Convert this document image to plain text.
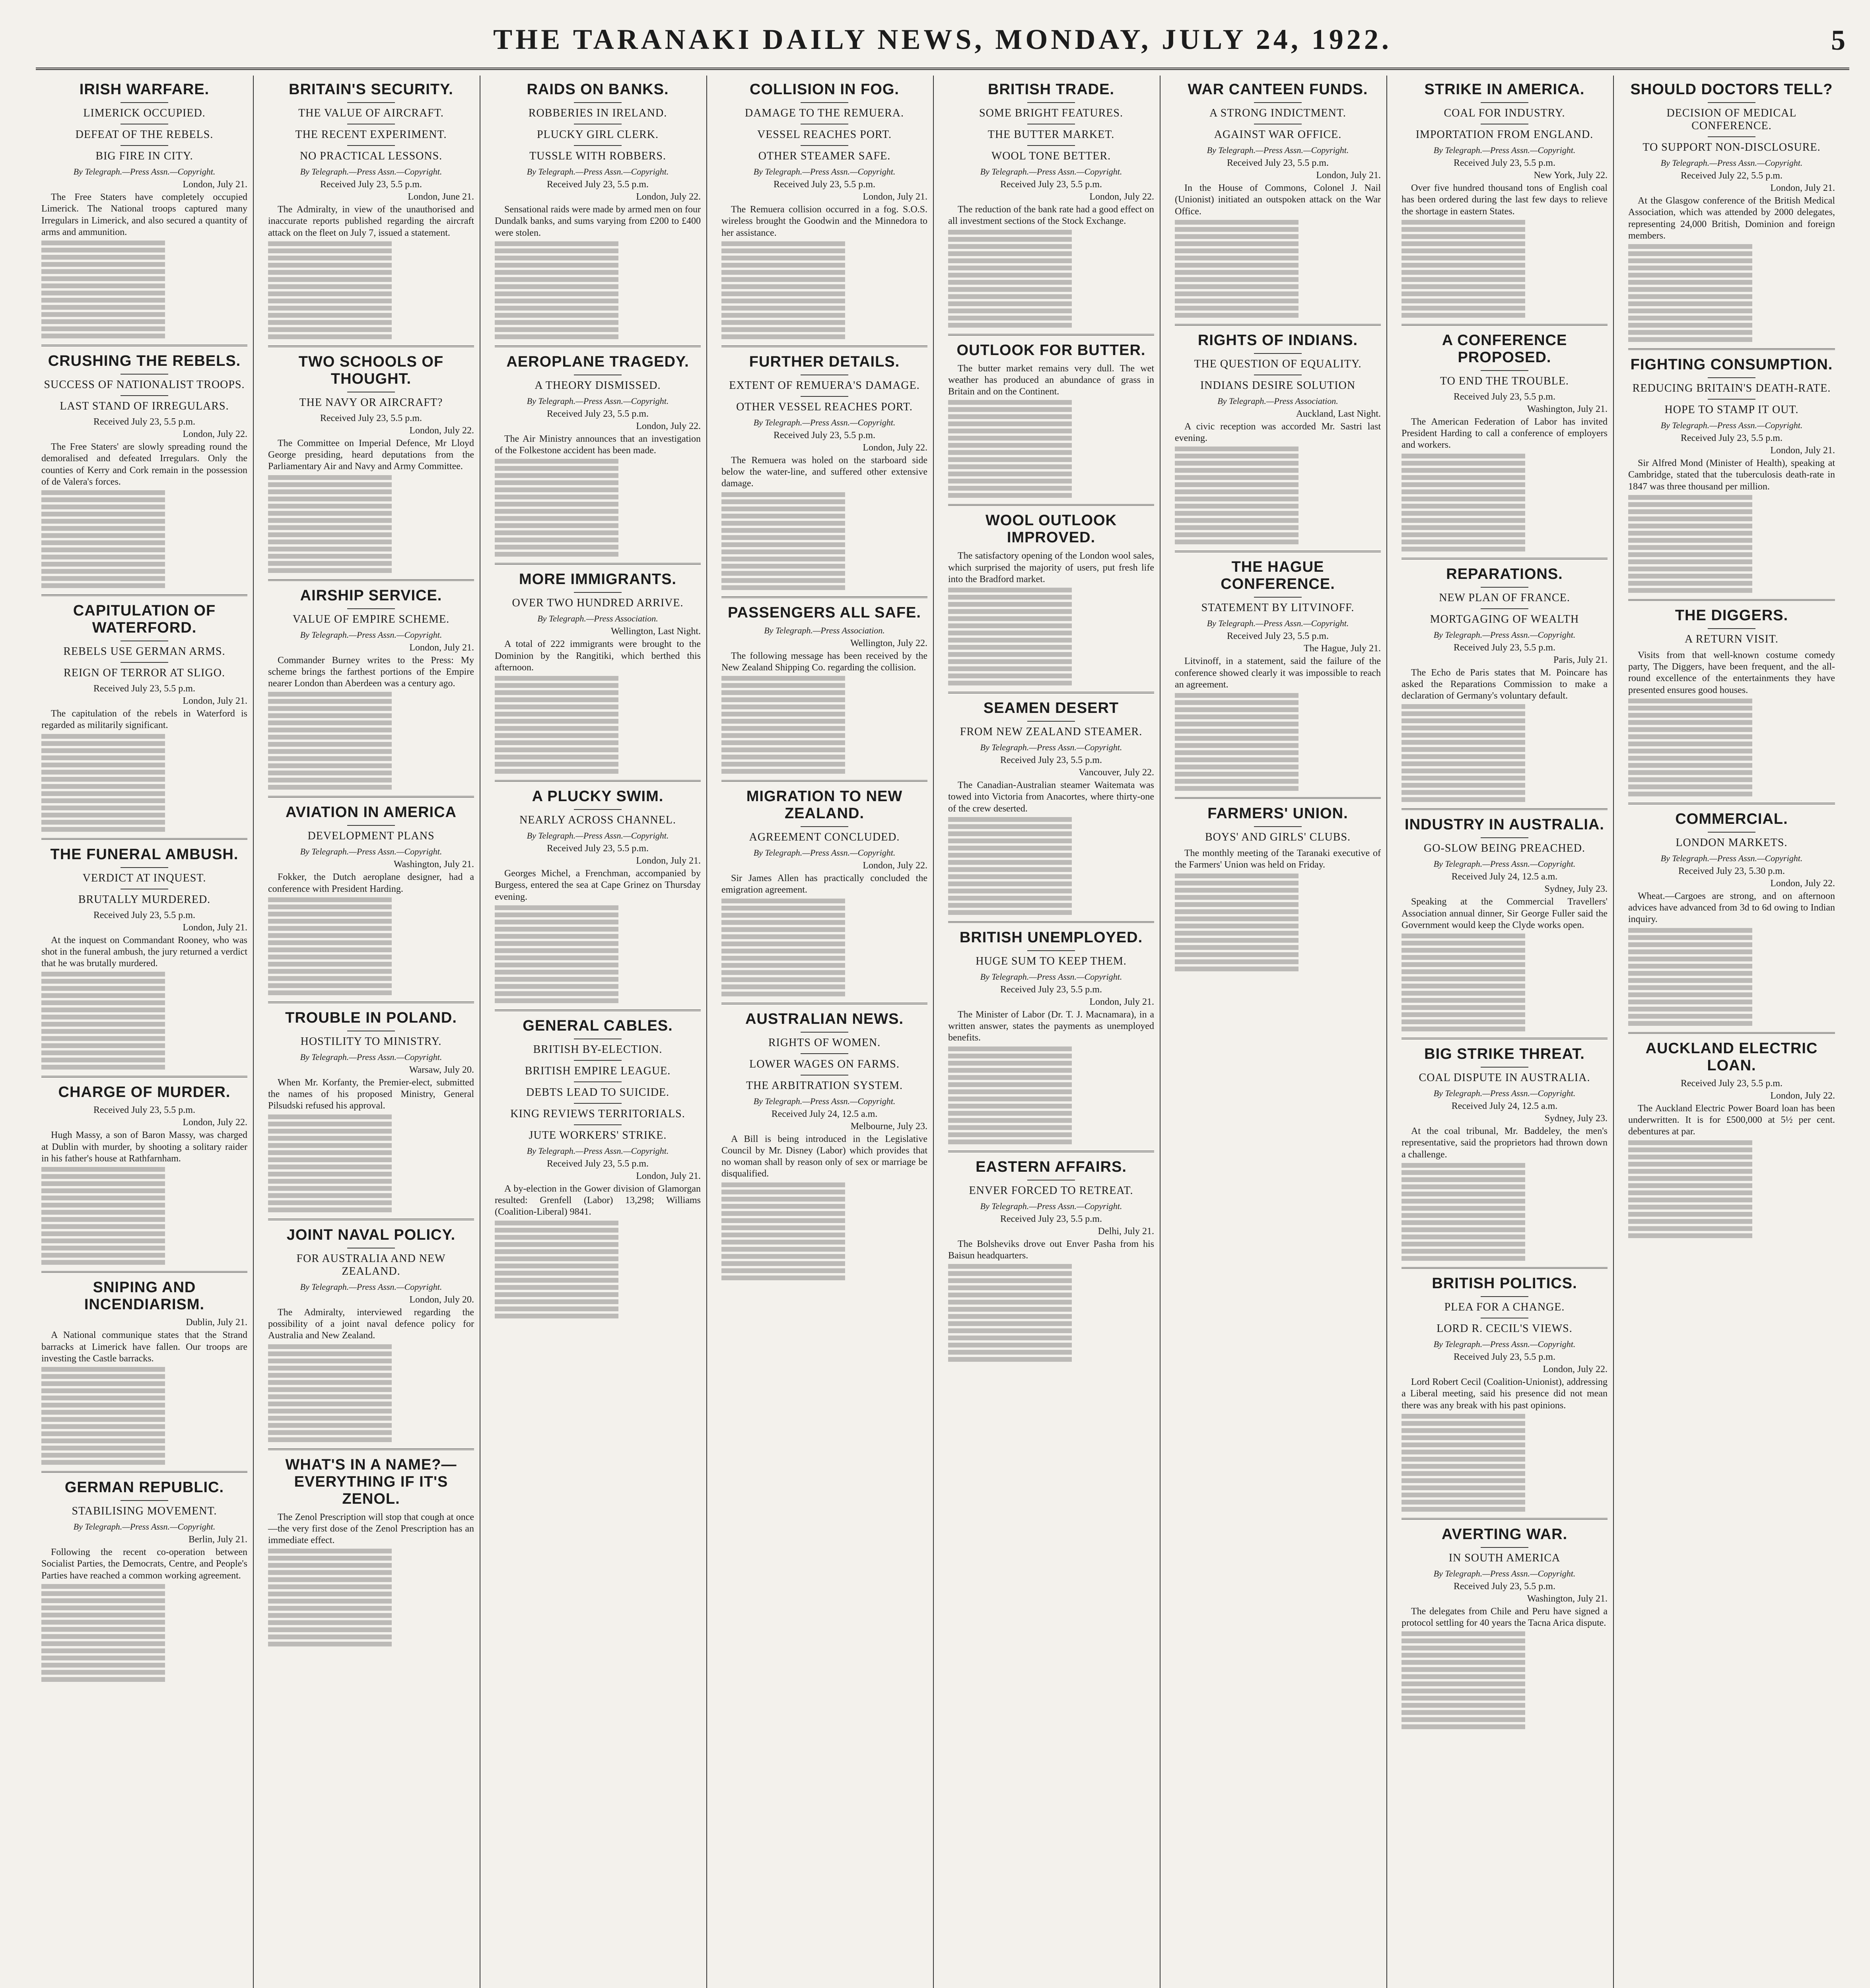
THE TARANAKI DAILY NEWS, MONDAY, JULY 24, 1922.	5
IRISH WARFARE.
LIMERICK OCCUPIED.
DEFEAT OF THE REBELS.
BIG FIRE IN CITY.
By Telegraph.—Press Assn.—Copyright.
London, July 21.
The Free Staters have completely occupied Limerick. The National troops captured many Irregulars in Limerick, and also secured a quantity of arms and ammunition.
CRUSHING THE REBELS.
SUCCESS OF NATIONALIST TROOPS.
LAST STAND OF IRREGULARS.
Received July 23, 5.5 p.m.
London, July 22.
The Free Staters' are slowly spreading round the demoralised and defeated Irregulars. Only the counties of Kerry and Cork remain in the possession of de Valera's forces.
CAPITULATION OF WATERFORD.
REBELS USE GERMAN ARMS.
REIGN OF TERROR AT SLIGO.
Received July 23, 5.5 p.m.
London, July 21.
The capitulation of the rebels in Waterford is regarded as militarily significant.
THE FUNERAL AMBUSH.
VERDICT AT INQUEST.
BRUTALLY MURDERED.
Received July 23, 5.5 p.m.
London, July 21.
At the inquest on Commandant Rooney, who was shot in the funeral ambush, the jury returned a verdict that he was brutally murdered.
CHARGE OF MURDER.
Received July 23, 5.5 p.m.
London, July 22.
Hugh Massy, a son of Baron Massy, was charged at Dublin with murder, by shooting a solitary raider in his father's house at Rathfarnham.
SNIPING AND INCENDIARISM.
Dublin, July 21.
A National communique states that the Strand barracks at Limerick have fallen. Our troops are investing the Castle barracks.
GERMAN REPUBLIC.
STABILISING MOVEMENT.
By Telegraph.—Press Assn.—Copyright.
Berlin, July 21.
Following the recent co-operation between Socialist Parties, the Democrats, Centre, and People's Parties have reached a common working agreement.
BRITAIN'S SECURITY.
THE VALUE OF AIRCRAFT.
THE RECENT EXPERIMENT.
NO PRACTICAL LESSONS.
By Telegraph.—Press Assn.—Copyright.
Received July 23, 5.5 p.m.
London, June 21.
The Admiralty, in view of the unauthorised and inaccurate reports published regarding the aircraft attack on the fleet on July 7, issued a statement.
TWO SCHOOLS OF THOUGHT.
THE NAVY OR AIRCRAFT?
Received July 23, 5.5 p.m.
London, July 22.
The Committee on Imperial Defence, Mr Lloyd George presiding, heard deputations from the Parliamentary Air and Navy and Army Committee.
AIRSHIP SERVICE.
VALUE OF EMPIRE SCHEME.
By Telegraph.—Press Assn.—Copyright.
London, July 21.
Commander Burney writes to the Press: My scheme brings the farthest portions of the Empire nearer London than Aberdeen was a century ago.
AVIATION IN AMERICA
DEVELOPMENT PLANS
By Telegraph.—Press Assn.—Copyright.
Washington, July 21.
Fokker, the Dutch aeroplane designer, had a conference with President Harding.
TROUBLE IN POLAND.
HOSTILITY TO MINISTRY.
By Telegraph.—Press Assn.—Copyright.
Warsaw, July 20.
When Mr. Korfanty, the Premier-elect, submitted the names of his proposed Ministry, General Pilsudski refused his approval.
JOINT NAVAL POLICY.
FOR AUSTRALIA AND NEW ZEALAND.
By Telegraph.—Press Assn.—Copyright.
London, July 20.
The Admiralty, interviewed regarding the possibility of a joint naval defence policy for Australia and New Zealand.
WHAT'S IN A NAME?—EVERYTHING IF IT'S ZENOL.
The Zenol Prescription will stop that cough at once—the very first dose of the Zenol Prescription has an immediate effect.
RAIDS ON BANKS.
ROBBERIES IN IRELAND.
PLUCKY GIRL CLERK.
TUSSLE WITH ROBBERS.
By Telegraph.—Press Assn.—Copyright.
Received July 23, 5.5 p.m.
London, July 22.
Sensational raids were made by armed men on four Dundalk banks, and sums varying from £200 to £400 were stolen.
AEROPLANE TRAGEDY.
A THEORY DISMISSED.
By Telegraph.—Press Assn.—Copyright.
Received July 23, 5.5 p.m.
London, July 22.
The Air Ministry announces that an investigation of the Folkestone accident has been made.
MORE IMMIGRANTS.
OVER TWO HUNDRED ARRIVE.
By Telegraph.—Press Association.
Wellington, Last Night.
A total of 222 immigrants were brought to the Dominion by the Rangitiki, which berthed this afternoon.
A PLUCKY SWIM.
NEARLY ACROSS CHANNEL.
By Telegraph.—Press Assn.—Copyright.
Received July 23, 5.5 p.m.
London, July 21.
Georges Michel, a Frenchman, accompanied by Burgess, entered the sea at Cape Grinez on Thursday evening.
GENERAL CABLES.
BRITISH BY-ELECTION.
BRITISH EMPIRE LEAGUE.
DEBTS LEAD TO SUICIDE.
KING REVIEWS TERRITORIALS.
JUTE WORKERS' STRIKE.
By Telegraph.—Press Assn.—Copyright.
Received July 23, 5.5 p.m.
London, July 21.
A by-election in the Gower division of Glamorgan resulted: Grenfell (Labor) 13,298; Williams (Coalition-Liberal) 9841.
COLLISION IN FOG.
DAMAGE TO THE REMUERA.
VESSEL REACHES PORT.
OTHER STEAMER SAFE.
By Telegraph.—Press Assn.—Copyright.
Received July 23, 5.5 p.m.
London, July 21.
The Remuera collision occurred in a fog. S.O.S. wireless brought the Goodwin and the Minnedora to her assistance.
FURTHER DETAILS.
EXTENT OF REMUERA'S DAMAGE.
OTHER VESSEL REACHES PORT.
By Telegraph.—Press Assn.—Copyright.
Received July 23, 5.5 p.m.
London, July 22.
The Remuera was holed on the starboard side below the water-line, and suffered other extensive damage.
PASSENGERS ALL SAFE.
By Telegraph.—Press Association.
Wellington, July 22.
The following message has been received by the New Zealand Shipping Co. regarding the collision.
MIGRATION TO NEW ZEALAND.
AGREEMENT CONCLUDED.
By Telegraph.—Press Assn.—Copyright.
London, July 22.
Sir James Allen has practically concluded the emigration agreement.
AUSTRALIAN NEWS.
RIGHTS OF WOMEN.
LOWER WAGES ON FARMS.
THE ARBITRATION SYSTEM.
By Telegraph.—Press Assn.—Copyright.
Received July 24, 12.5 a.m.
Melbourne, July 23.
A Bill is being introduced in the Legislative Council by Mr. Disney (Labor) which provides that no woman shall by reason only of sex or marriage be disqualified.
BRITISH TRADE.
SOME BRIGHT FEATURES.
THE BUTTER MARKET.
WOOL TONE BETTER.
By Telegraph.—Press Assn.—Copyright.
Received July 23, 5.5 p.m.
London, July 22.
The reduction of the bank rate had a good effect on all investment sections of the Stock Exchange.
OUTLOOK FOR BUTTER.
The butter market remains very dull. The wet weather has produced an abundance of grass in Britain and on the Continent.
WOOL OUTLOOK IMPROVED.
The satisfactory opening of the London wool sales, which surprised the majority of users, put fresh life into the Bradford market.
SEAMEN DESERT
FROM NEW ZEALAND STEAMER.
By Telegraph.—Press Assn.—Copyright.
Received July 23, 5.5 p.m.
Vancouver, July 22.
The Canadian-Australian steamer Waitemata was towed into Victoria from Anacortes, where thirty-one of the crew deserted.
BRITISH UNEMPLOYED.
HUGE SUM TO KEEP THEM.
By Telegraph.—Press Assn.—Copyright.
Received July 23, 5.5 p.m.
London, July 21.
The Minister of Labor (Dr. T. J. Macnamara), in a written answer, states the payments as unemployed benefits.
EASTERN AFFAIRS.
ENVER FORCED TO RETREAT.
By Telegraph.—Press Assn.—Copyright.
Received July 23, 5.5 p.m.
Delhi, July 21.
The Bolsheviks drove out Enver Pasha from his Baisun headquarters.
WAR CANTEEN FUNDS.
A STRONG INDICTMENT.
AGAINST WAR OFFICE.
By Telegraph.—Press Assn.—Copyright.
Received July 23, 5.5 p.m.
London, July 21.
In the House of Commons, Colonel J. Nail (Unionist) initiated an outspoken attack on the War Office.
RIGHTS OF INDIANS.
THE QUESTION OF EQUALITY.
INDIANS DESIRE SOLUTION
By Telegraph.—Press Association.
Auckland, Last Night.
A civic reception was accorded Mr. Sastri last evening.
THE HAGUE CONFERENCE.
STATEMENT BY LITVINOFF.
By Telegraph.—Press Assn.—Copyright.
Received July 23, 5.5 p.m.
The Hague, July 21.
Litvinoff, in a statement, said the failure of the conference showed clearly it was impossible to reach an agreement.
FARMERS' UNION.
BOYS' AND GIRLS' CLUBS.
The monthly meeting of the Taranaki executive of the Farmers' Union was held on Friday.
STRIKE IN AMERICA.
COAL FOR INDUSTRY.
IMPORTATION FROM ENGLAND.
By Telegraph.—Press Assn.—Copyright.
Received July 23, 5.5 p.m.
New York, July 22.
Over five hundred thousand tons of English coal has been ordered during the last few days to relieve the shortage in eastern States.
A CONFERENCE PROPOSED.
TO END THE TROUBLE.
Received July 23, 5.5 p.m.
Washington, July 21.
The American Federation of Labor has invited President Harding to call a conference of employers and workers.
REPARATIONS.
NEW PLAN OF FRANCE.
MORTGAGING OF WEALTH
By Telegraph.—Press Assn.—Copyright.
Received July 23, 5.5 p.m.
Paris, July 21.
The Echo de Paris states that M. Poincare has asked the Reparations Commission to make a declaration of Germany's voluntary default.
INDUSTRY IN AUSTRALIA.
GO-SLOW BEING PREACHED.
By Telegraph.—Press Assn.—Copyright.
Received July 24, 12.5 a.m.
Sydney, July 23.
Speaking at the Commercial Travellers' Association annual dinner, Sir George Fuller said the Government would keep the Clyde works open.
BIG STRIKE THREAT.
COAL DISPUTE IN AUSTRALIA.
By Telegraph.—Press Assn.—Copyright.
Received July 24, 12.5 a.m.
Sydney, July 23.
At the coal tribunal, Mr. Baddeley, the men's representative, said the proprietors had thrown down a challenge.
BRITISH POLITICS.
PLEA FOR A CHANGE.
LORD R. CECIL'S VIEWS.
By Telegraph.—Press Assn.—Copyright.
Received July 23, 5.5 p.m.
London, July 22.
Lord Robert Cecil (Coalition-Unionist), addressing a Liberal meeting, said his presence did not mean there was any break with his past opinions.
AVERTING WAR.
IN SOUTH AMERICA
By Telegraph.—Press Assn.—Copyright.
Received July 23, 5.5 p.m.
Washington, July 21.
The delegates from Chile and Peru have signed a protocol settling for 40 years the Tacna Arica dispute.
SHOULD DOCTORS TELL?
DECISION OF MEDICAL CONFERENCE.
TO SUPPORT NON-DISCLOSURE.
By Telegraph.—Press Assn.—Copyright.
Received July 22, 5.5 p.m.
London, July 21.
At the Glasgow conference of the British Medical Association, which was attended by 2000 delegates, representing 24,000 British, Dominion and foreign members.
FIGHTING CONSUMPTION.
REDUCING BRITAIN'S DEATH-RATE.
HOPE TO STAMP IT OUT.
By Telegraph.—Press Assn.—Copyright.
Received July 23, 5.5 p.m.
London, July 21.
Sir Alfred Mond (Minister of Health), speaking at Cambridge, stated that the tuberculosis death-rate in 1847 was three thousand per million.
THE DIGGERS.
A RETURN VISIT.
Visits from that well-known costume comedy party, The Diggers, have been frequent, and the all-round excellence of the entertainments they have presented ensures good houses.
COMMERCIAL.
LONDON MARKETS.
By Telegraph.—Press Assn.—Copyright.
Received July 23, 5.30 p.m.
London, July 22.
Wheat.—Cargoes are strong, and on afternoon advices have advanced from 3d to 6d owing to Indian inquiry.
AUCKLAND ELECTRIC LOAN.
Received July 23, 5.5 p.m.
London, July 22.
The Auckland Electric Power Board loan has been underwritten. It is for £500,000 at 5½ per cent. debentures at par.
